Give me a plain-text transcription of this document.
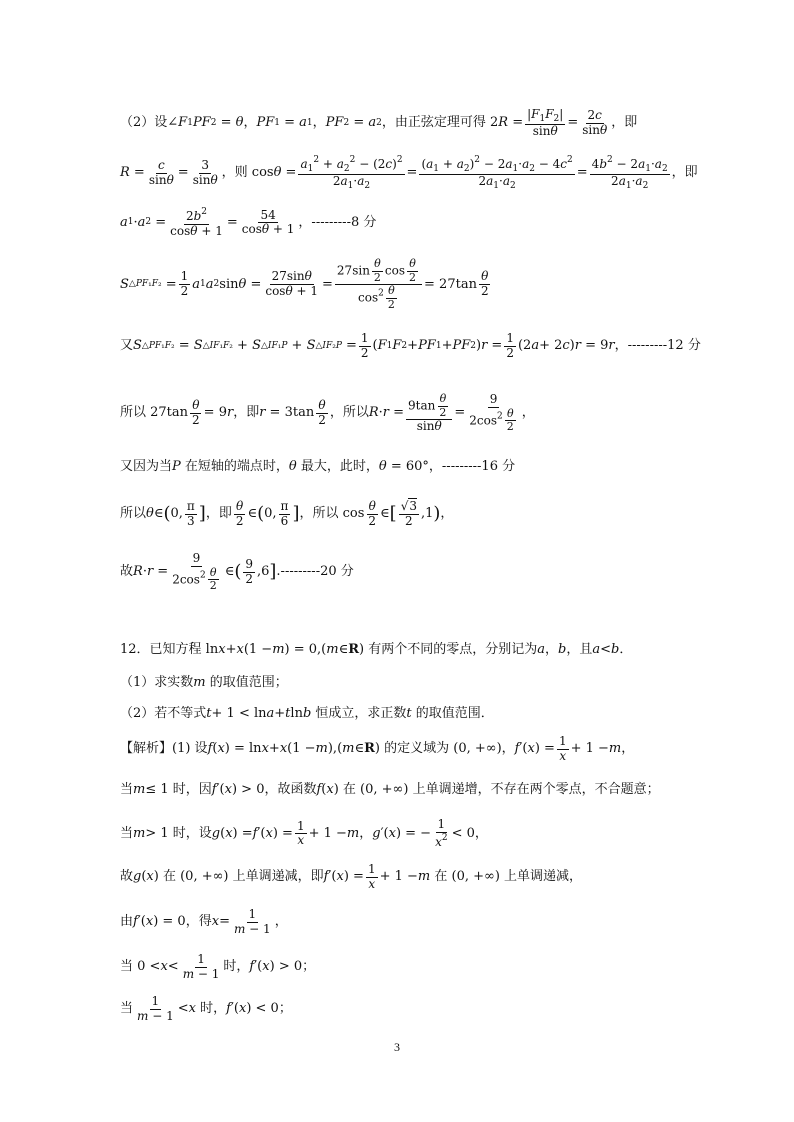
（2）设∠ F 1 PF 2 = θ ， PF 1 = a 1 ， PF 2 = a 2 ，由正弦定理可得 2 $R = \frac{|F_1F_2|}{\sin\theta} = \frac{2c}{\sin\theta}$ ，即
$R = \frac{c}{\sin\theta} = \frac{3}{\sin\theta}$ ，则 $\cos \theta = \frac{a_1^2 + a_2^2 - (2c)^2}{2a_1\cdot a_2} = \frac{(a_1 + a_2)^2 - 2a_1\cdot a_2 - 4c^2}{2a_1\cdot a_2} = \frac{4b^2 - 2a_1\cdot a_2}{2a_1\cdot a_2}$ ，即
a 1 · a $2 = \frac{2b^2}{\cos\theta + 1} = \frac{54}{\cos\theta + 1}$ ，---------8 分
S △PF₁F₂ = $\frac{1}{2}$ a 1 a 2 $\sin \theta = \frac{27\sin\theta}{\cos\theta + 1} = \frac{27\sin \frac{\theta}{2} \cos \frac{\theta}{2}}{\cos^2 \frac{\theta}{2}} = 27\tan \frac{\theta}{2}$
又 S △PF₁F₂ = S △IF₁F₂ + S △IF₁P + S △IF₂P = $\frac{1}{2}$ ( F 1 F 2 + PF 1 + PF 2 ) $r = \frac{1}{2} (2$ a + 2 c ) r = 9 r ，---------12 分
所以 $27\tan \frac{\theta}{2} = 9$ r ，即 $r = 3\tan \frac{\theta}{2}$ ，所以 $R \cdot r = \frac{9\tan \frac{\theta}{2}}{\sin\theta} = \frac{9}{2\cos^2 \frac{\theta}{2}}$ ，
又因为当 P 在短轴的端点时， θ 最大，此时， θ = 60°，---------16 分
所以 θ ∈ ( 0, $\frac{\pi}{3}$ ] ，即 $\frac{\theta}{2}$ ∈ ( 0, $\frac{\pi}{6}$ ] ，所以 $\cos \frac{\theta}{2}$ ∈ [ $\frac{√3}{2} ,1$ ) ，
故 $R \cdot r = \frac{9}{2\cos^2 \frac{\theta}{2}}$ ∈ ( $\frac{9}{2} ,6$ ] .---------20 分
12．已知方程 ln x + x (1 − m ) = 0,( m ∈ R ) 有两个不同的零点，分别记为 a ， b ，且 a < b ．
（1）求实数 m 的取值范围；
（2）若不等式 t + 1 < ln a + t ln b 恒成立，求正数 t 的取值范围．
【解析】(1) 设 f ( x ) = ln x + x (1 − m ),( m ∈ R ) 的定义域为 (0, +∞)， f ′( x ) = $\frac{1}{x} + 1 - m$ ，
当 m ≤ 1 时，因 f ′( x ) > 0，故函数 f ( x ) 在 (0, +∞) 上单调递增，不存在两个零点，不合题意；
当 m > 1 时，设 g ( x ) = f ′( x ) = $\frac{1}{x} + 1 - m$ ， g ′( x ) = − $\frac{1}{x^2} < 0$，
故 g ( x ) 在 (0, +∞) 上单调递减，即 f ′( x ) = $\frac{1}{x} + 1 - m$ 在 (0, +∞) 上单调递减，
由 f ′( x ) = 0，得 $x = \frac{1}{m - 1}$ ，
当 $0 < x < \frac{1}{m - 1}$ 时， f ′( x ) > 0；
当 $\frac{1}{m - 1} < x$ 时， f ′( x ) < 0；
3
